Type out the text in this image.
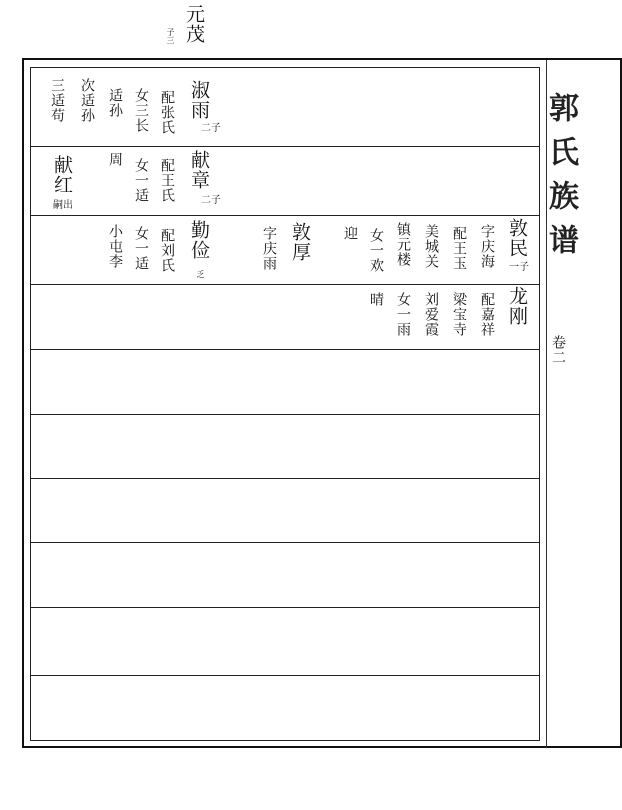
元茂
子三
郭氏族谱
卷二
淑雨
二子
配张氏
女三长
适孙
次适孙
三适苟
献章
二子
配王氏
女一适
周
献红
嗣出
勤俭
乏
配刘氏
女一适
小屯李	敦厚
字庆雨	敦民
一子
字庆海
配王玉
美城关
镇元楼
女一欢
迎
龙刚
配嘉祥
梁宝寺
刘爱霞
女一雨
晴
